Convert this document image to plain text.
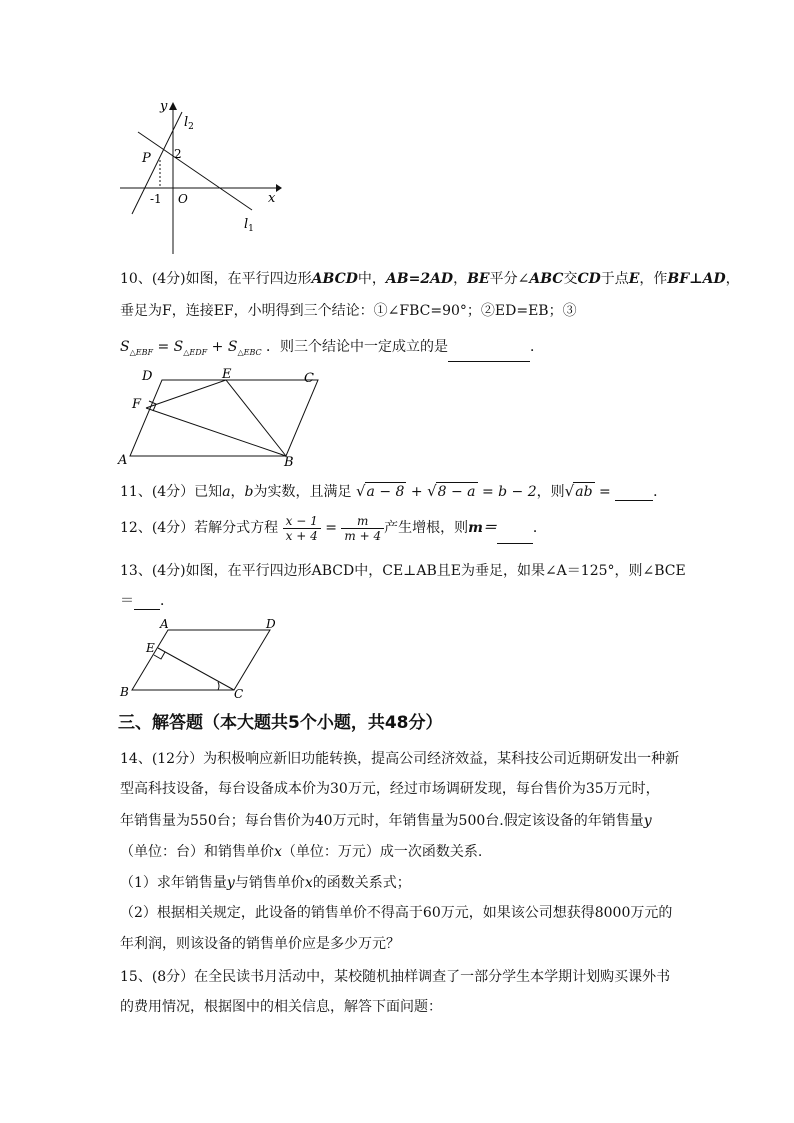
y
x
$l_2$
$l_1$
P 2
O
-1
10、(4分)如图，在平行四边形ABCD中，AB=2AD，BE平分∠ABC交CD于点E，作BF⊥AD，
垂足为F，连接EF，小明得到三个结论：①∠FBC=90°；②ED=EB；③
$S_{\triangle EBF} = S_{\triangle EDF} + S_{\triangle EBC}$ ．则三个结论中一定成立的是	．
D	E	C
F
A	B
11、(4分）已知a，b为实数，且满足 √a − 8 + √8 − a = b − 2，则√ab =	．
12、(4分）若解分式方程 $\frac{x - 1}{x + 4} = \frac{m}{m + 4}$ 产生增根，则m＝	．
13、(4分)如图，在平行四边形ABCD中，CE⊥AB且E为垂足，如果∠A＝125°，则∠BCE
＝ ．
A	D
E
B	C
三、解答题（本大题共5个小题，共48分）
14、(12分）为积极响应新旧功能转换，提高公司经济效益，某科技公司近期研发出一种新
型高科技设备，每台设备成本价为30万元，经过市场调研发现，每台售价为35万元时，
年销售量为550台；每台售价为40万元时，年销售量为500台.假定该设备的年销售量y
（单位：台）和销售单价x（单位：万元）成一次函数关系.
（1）求年销售量y与销售单价x的函数关系式；
（2）根据相关规定，此设备的销售单价不得高于60万元，如果该公司想获得8000万元的
年利润，则该设备的销售单价应是多少万元？
15、(8分）在全民读书月活动中，某校随机抽样调查了一部分学生本学期计划购买课外书
的费用情况，根据图中的相关信息，解答下面问题：
